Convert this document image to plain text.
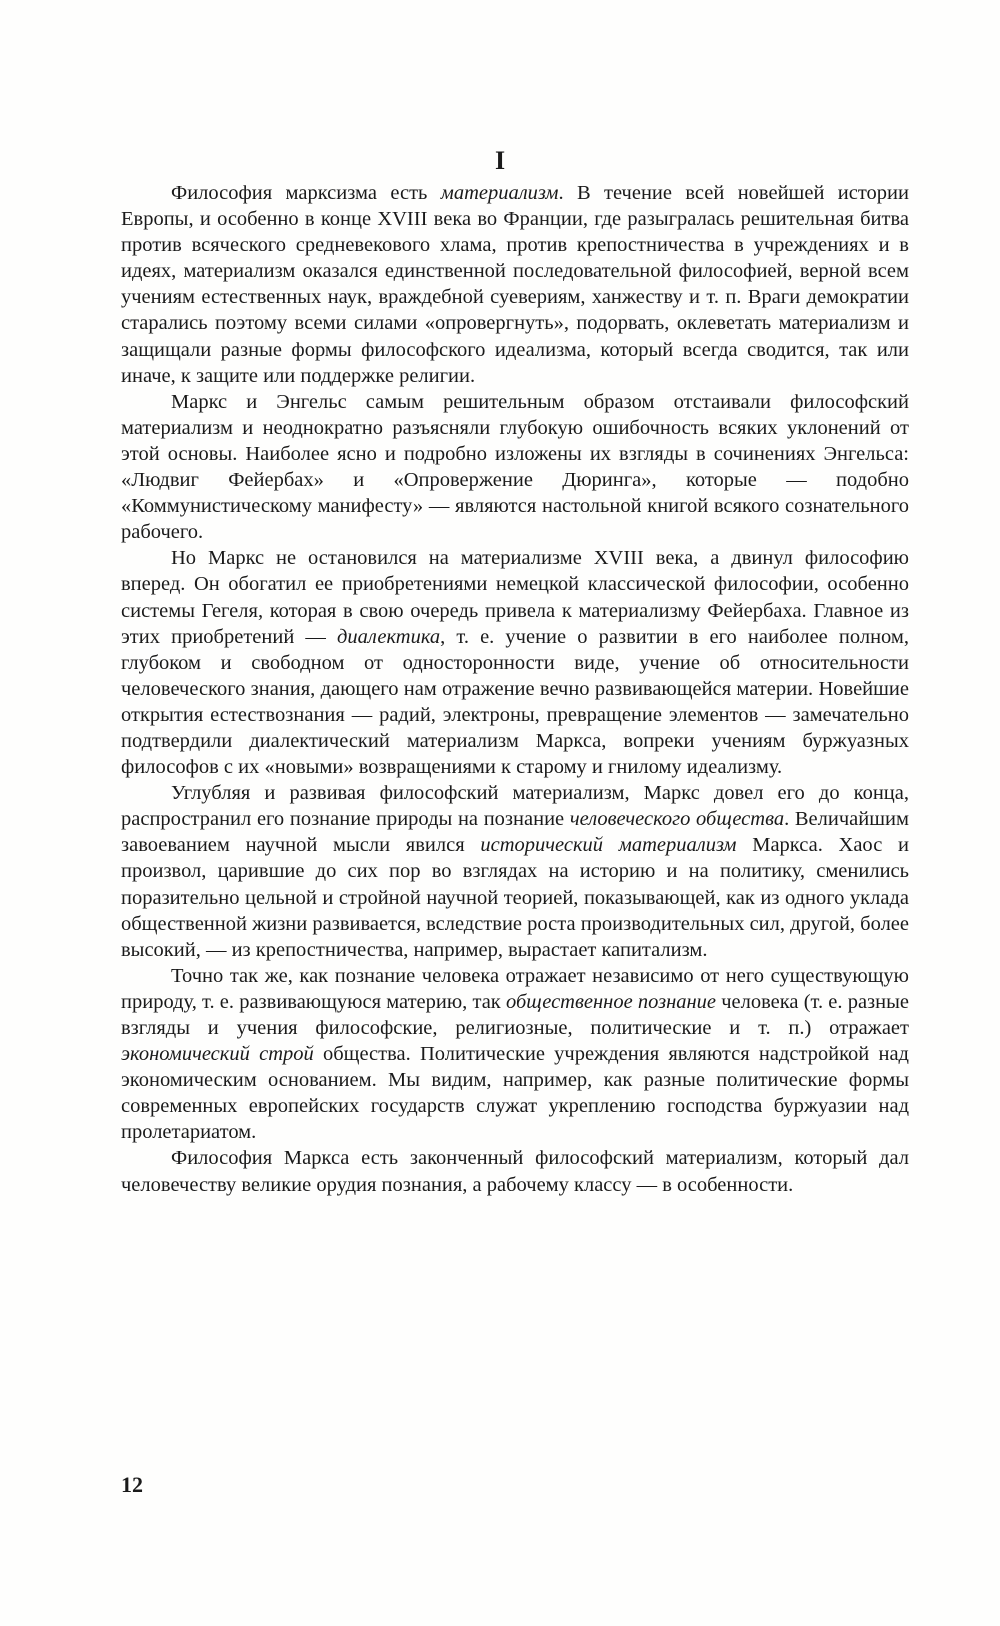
I

Философия марксизма есть материализм. В течение всей новейшей истории Европы, и особенно в конце XVIII века во Франции, где разыгралась решительная битва против всяческого средневекового хлама, против крепостничества в учреждениях и в идеях, материализм оказался единственной последовательной философией, верной всем учениям естественных наук, враждебной суевериям, ханжеству и т. п. Враги демократии старались поэтому всеми силами «опровергнуть», подорвать, оклеветать материализм и защищали разные формы философского идеализма, который всегда сводится, так или иначе, к защите или поддержке религии.

Маркс и Энгельс самым решительным образом отстаивали философский материализм и неоднократно разъясняли глубокую ошибочность всяких уклонений от этой основы. Наиболее ясно и подробно изложены их взгляды в сочинениях Энгельса: «Людвиг Фейербах» и «Опровержение Дюринга», которые — подобно «Коммунистическому манифесту» — являются настольной книгой всякого сознательного рабочего.

Но Маркс не остановился на материализме XVIII века, а двинул философию вперед. Он обогатил ее приобретениями немецкой классической философии, особенно системы Гегеля, которая в свою очередь привела к материализму Фейербаха. Главное из этих приобретений — диалектика, т. е. учение о развитии в его наиболее полном, глубоком и свободном от односторонности виде, учение об относительности человеческого знания, дающего нам отражение вечно развивающейся материи. Новейшие открытия естествознания — радий, электроны, превращение элементов — замечательно подтвердили диалектический материализм Маркса, вопреки учениям буржуазных философов с их «новыми» возвращениями к старому и гнилому идеализму.

Углубляя и развивая философский материализм, Маркс довел его до конца, распространил его познание природы на познание человеческого общества. Величайшим завоеванием научной мысли явился исторический материализм Маркса. Хаос и произвол, царившие до сих пор во взглядах на историю и на политику, сменились поразительно цельной и стройной научной теорией, показывающей, как из одного уклада общественной жизни развивается, вследствие роста производительных сил, другой, более высокий, — из крепостничества, например, вырастает капитализм.

Точно так же, как познание человека отражает независимо от него существующую природу, т. е. развивающуюся материю, так общественное познание человека (т. е. разные взгляды и учения философские, религиозные, политические и т. п.) отражает экономический строй общества. Политические учреждения являются надстройкой над экономическим основанием. Мы видим, например, как разные политические формы современных европейских государств служат укреплению господства буржуазии над пролетариатом.

Философия Маркса есть законченный философский материализм, который дал человечеству великие орудия познания, а рабочему классу — в особенности.

12
